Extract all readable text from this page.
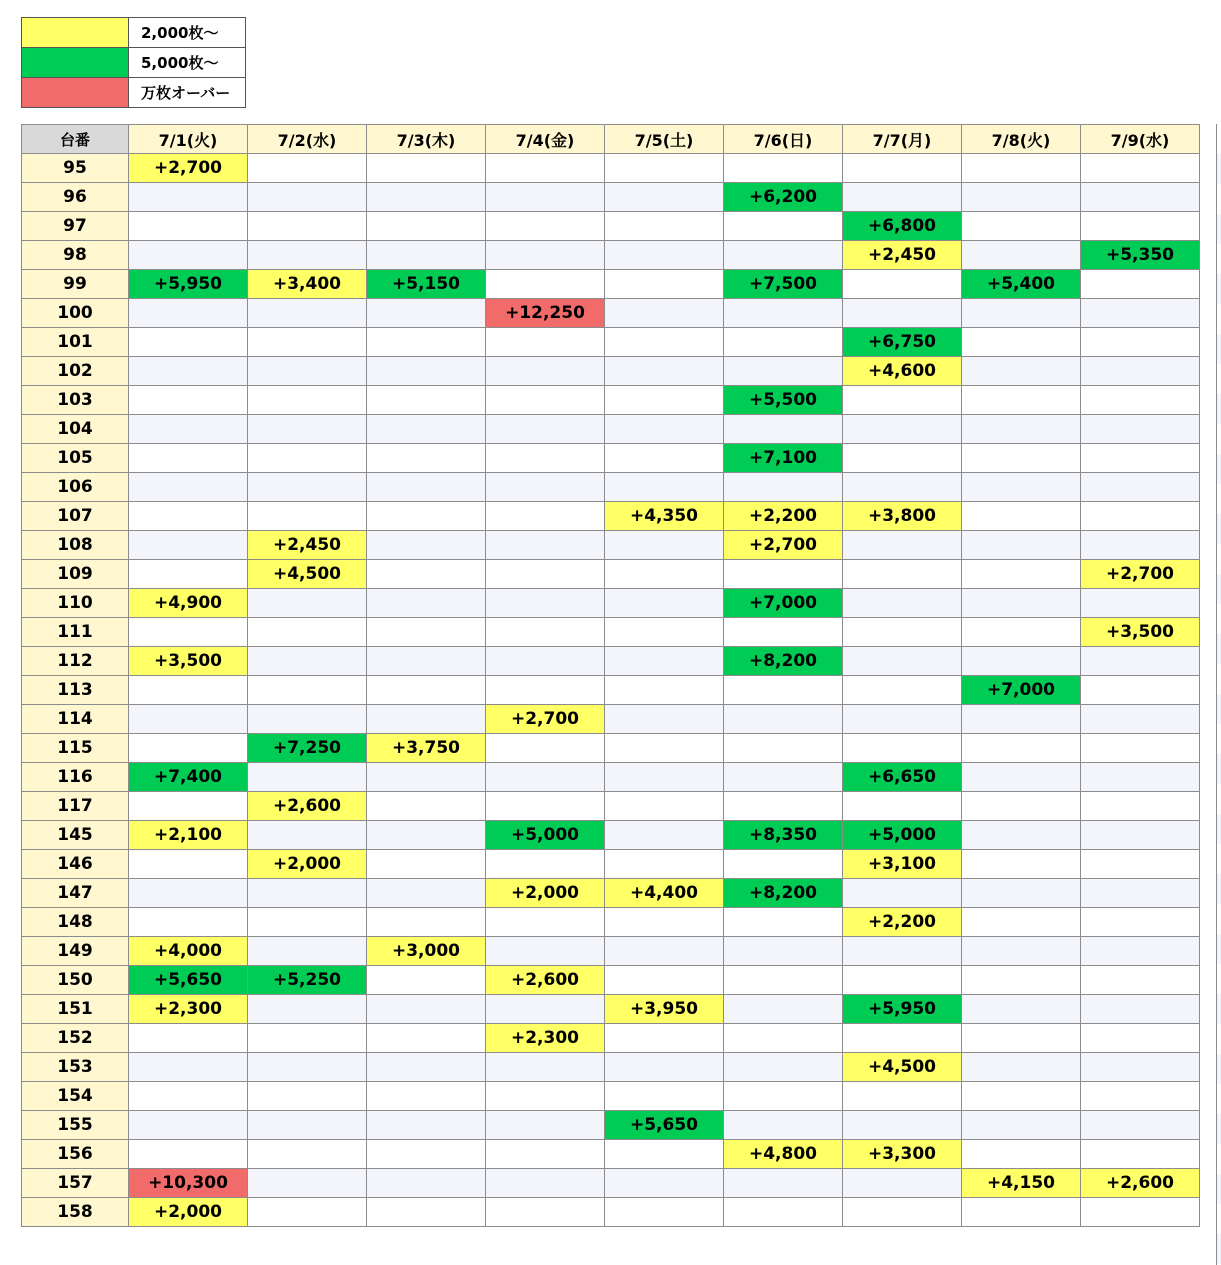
	2,000枚～
	5,000枚～
	万枚オーバー
台番	7/1(火)	7/2(水)	7/3(木)	7/4(金)	7/5(土)	7/6(日)	7/7(月)	7/8(火)	7/9(水)
95	+2,700								
96						+6,200			
97							+6,800		
98							+2,450		+5,350
99	+5,950	+3,400	+5,150			+7,500		+5,400	
100				+12,250					
101							+6,750		
102							+4,600		
103						+5,500			
104									
105						+7,100			
106									
107					+4,350	+2,200	+3,800		
108		+2,450				+2,700			
109		+4,500							+2,700
110	+4,900					+7,000			
111									+3,500
112	+3,500					+8,200			
113								+7,000	
114				+2,700					
115		+7,250	+3,750						
116	+7,400						+6,650		
117		+2,600							
145	+2,100			+5,000		+8,350	+5,000		
146		+2,000					+3,100		
147				+2,000	+4,400	+8,200			
148							+2,200		
149	+4,000		+3,000						
150	+5,650	+5,250		+2,600					
151	+2,300				+3,950		+5,950		
152				+2,300					
153							+4,500		
154									
155					+5,650				
156						+4,800	+3,300		
157	+10,300							+4,150	+2,600
158	+2,000								
